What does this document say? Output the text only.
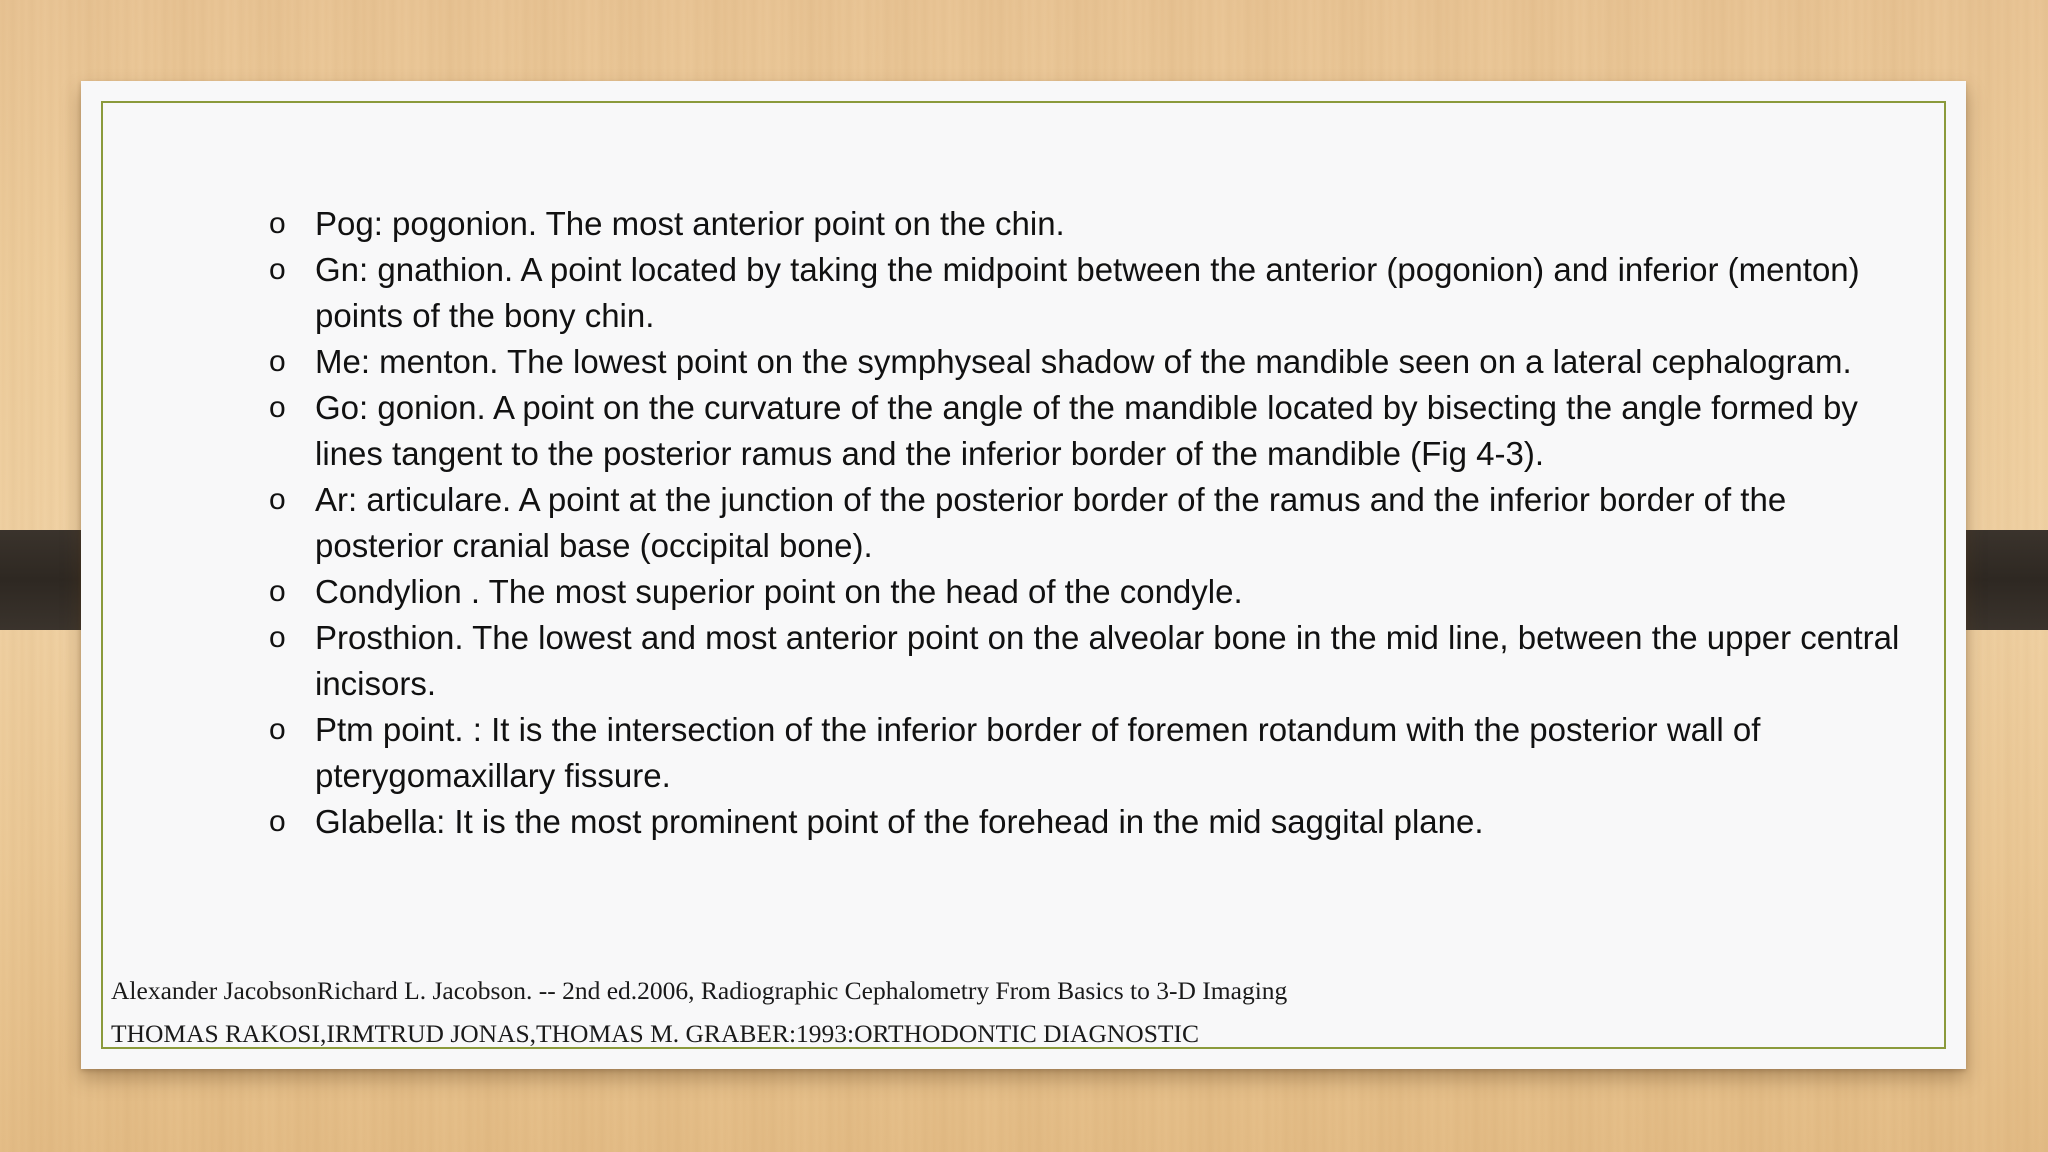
o Pog: pogonion. The most anterior point on the chin.
o Gn: gnathion. A point located by taking the midpoint between the anterior (pogonion) and inferior (menton) points of the bony chin.
o Me: menton. The lowest point on the symphyseal shadow of the mandible seen on a lateral cephalogram.
o Go: gonion. A point on the curvature of the angle of the mandible located by bisecting the angle formed by lines tangent to the posterior ramus and the inferior border of the mandible (Fig 4-3).
o Ar: articulare. A point at the junction of the posterior border of the ramus and the inferior border of the posterior cranial base (occipital bone).
o Condylion . The most superior point on the head of the condyle.
o Prosthion. The lowest and most anterior point on the alveolar bone in the mid line, between the upper central incisors.
o Ptm point. : It is the intersection of the inferior border of foremen rotandum with the posterior wall of pterygomaxillary fissure.
o Glabella: It is the most prominent point of the forehead in the mid saggital plane.
Alexander JacobsonRichard L. Jacobson. -- 2nd ed.2006, Radiographic Cephalometry From Basics to 3-D Imaging
THOMAS RAKOSI,IRMTRUD JONAS,THOMAS M. GRABER:1993:ORTHODONTIC DIAGNOSTIC
